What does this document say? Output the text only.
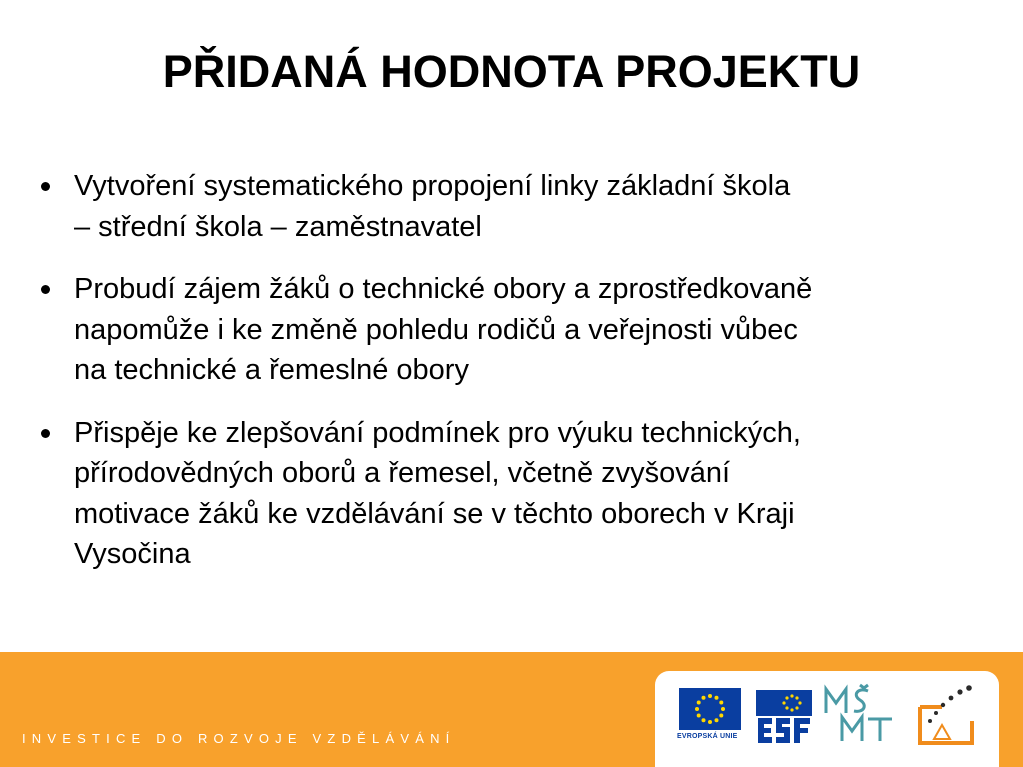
PŘIDANÁ HODNOTA PROJEKTU
Vytvoření systematického propojení linky základní škola
– střední škola – zaměstnavatel
Probudí zájem žáků o technické obory a zprostředkovaně
napomůže i ke změně pohledu rodičů a veřejnosti vůbec
na technické a řemeslné obory
Přispěje ke zlepšování podmínek pro výuku technických,
přírodovědných oborů a řemesel, včetně zvyšování
motivace žáků ke vzdělávání se v těchto oborech v Kraji
Vysočina
INVESTICE DO ROZVOJE VZDĚLÁVÁNÍ	EVROPSKÁ UNIE
